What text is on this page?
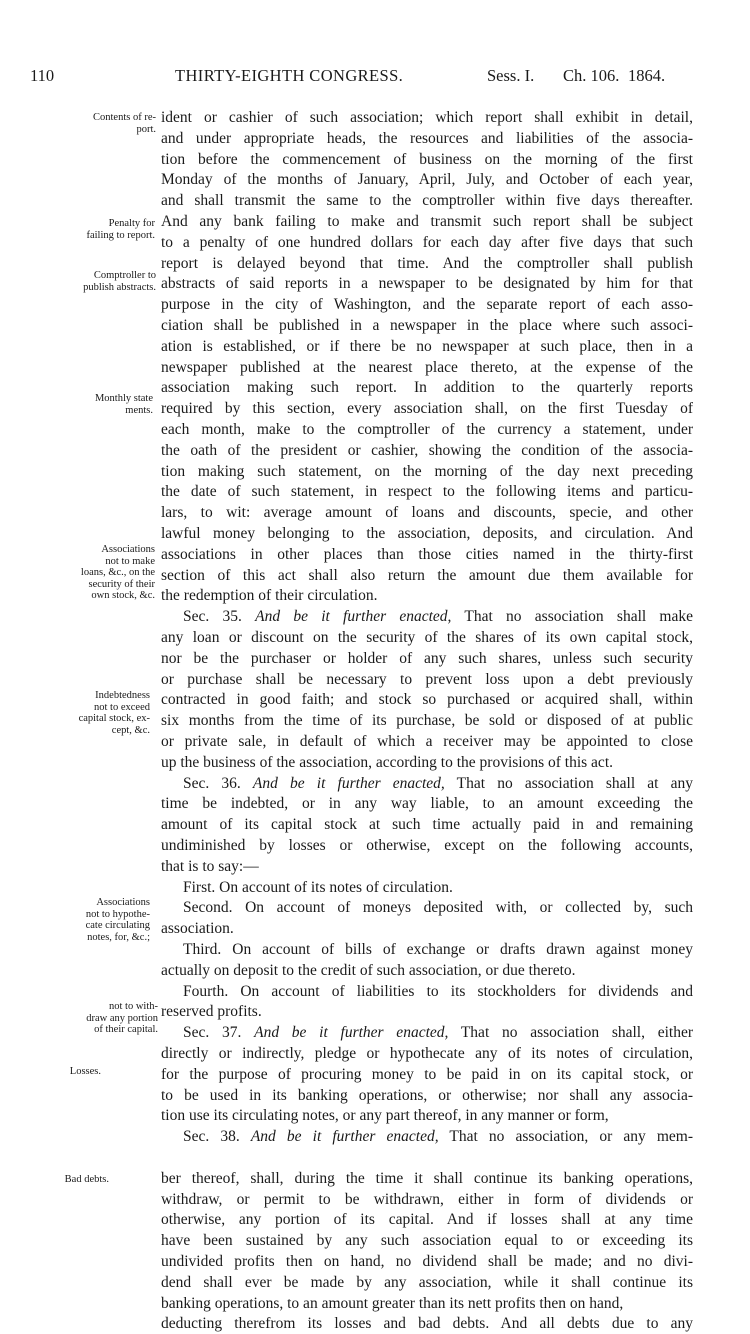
110	THIRTY-EIGHTH CONGRESS.	Sess. I. Ch. 106. 1864.
Contents of re-
port.
Penalty for
failing to report.
Comptroller to
publish abstracts.
Monthly state
ments.
Associations
not to make
loans, &c., on the
security of their
own stock, &c.
Indebtedness
not to exceed
capital stock, ex-
cept, &c.
Associations
not to hypothe-
cate circulating
notes, for, &c.;
not to with-
draw any portion
of their capital.
Losses.
Bad debts.
ident or cashier of such association; which report shall exhibit in detail,
and under appropriate heads, the resources and liabilities of the associa-
tion before the commencement of business on the morning of the first
Monday of the months of January, April, July, and October of each year,
and shall transmit the same to the comptroller within five days thereafter.
And any bank failing to make and transmit such report shall be subject
to a penalty of one hundred dollars for each day after five days that such
report is delayed beyond that time. And the comptroller shall publish
abstracts of said reports in a newspaper to be designated by him for that
purpose in the city of Washington, and the separate report of each asso-
ciation shall be published in a newspaper in the place where such associ-
ation is established, or if there be no newspaper at such place, then in a
newspaper published at the nearest place thereto, at the expense of the
association making such report. In addition to the quarterly reports
required by this section, every association shall, on the first Tuesday of
each month, make to the comptroller of the currency a statement, under
the oath of the president or cashier, showing the condition of the associa-
tion making such statement, on the morning of the day next preceding
the date of such statement, in respect to the following items and particu-
lars, to wit: average amount of loans and discounts, specie, and other
lawful money belonging to the association, deposits, and circulation. And
associations in other places than those cities named in the thirty-first
section of this act shall also return the amount due them available for
the redemption of their circulation.
Sec. 35. And be it further enacted, That no association shall make
any loan or discount on the security of the shares of its own capital stock,
nor be the purchaser or holder of any such shares, unless such security
or purchase shall be necessary to prevent loss upon a debt previously
contracted in good faith; and stock so purchased or acquired shall, within
six months from the time of its purchase, be sold or disposed of at public
or private sale, in default of which a receiver may be appointed to close
up the business of the association, according to the provisions of this act.
Sec. 36. And be it further enacted, That no association shall at any
time be indebted, or in any way liable, to an amount exceeding the
amount of its capital stock at such time actually paid in and remaining
undiminished by losses or otherwise, except on the following accounts,
that is to say:—
First. On account of its notes of circulation.
Second. On account of moneys deposited with, or collected by, such
association.
Third. On account of bills of exchange or drafts drawn against money
actually on deposit to the credit of such association, or due thereto.
Fourth. On account of liabilities to its stockholders for dividends and
reserved profits.
Sec. 37. And be it further enacted, That no association shall, either
directly or indirectly, pledge or hypothecate any of its notes of circulation,
for the purpose of procuring money to be paid in on its capital stock, or
to be used in its banking operations, or otherwise; nor shall any associa-
tion use its circulating notes, or any part thereof, in any manner or form,
Sec. 38. And be it further enacted, That no association, or any mem-
ber thereof, shall, during the time it shall continue its banking operations,
withdraw, or permit to be withdrawn, either in form of dividends or
otherwise, any portion of its capital. And if losses shall at any time
have been sustained by any such association equal to or exceeding its
undivided profits then on hand, no dividend shall be made; and no divi-
dend shall ever be made by any association, while it shall continue its
banking operations, to an amount greater than its nett profits then on hand,
deducting therefrom its losses and bad debts. And all debts due to any
